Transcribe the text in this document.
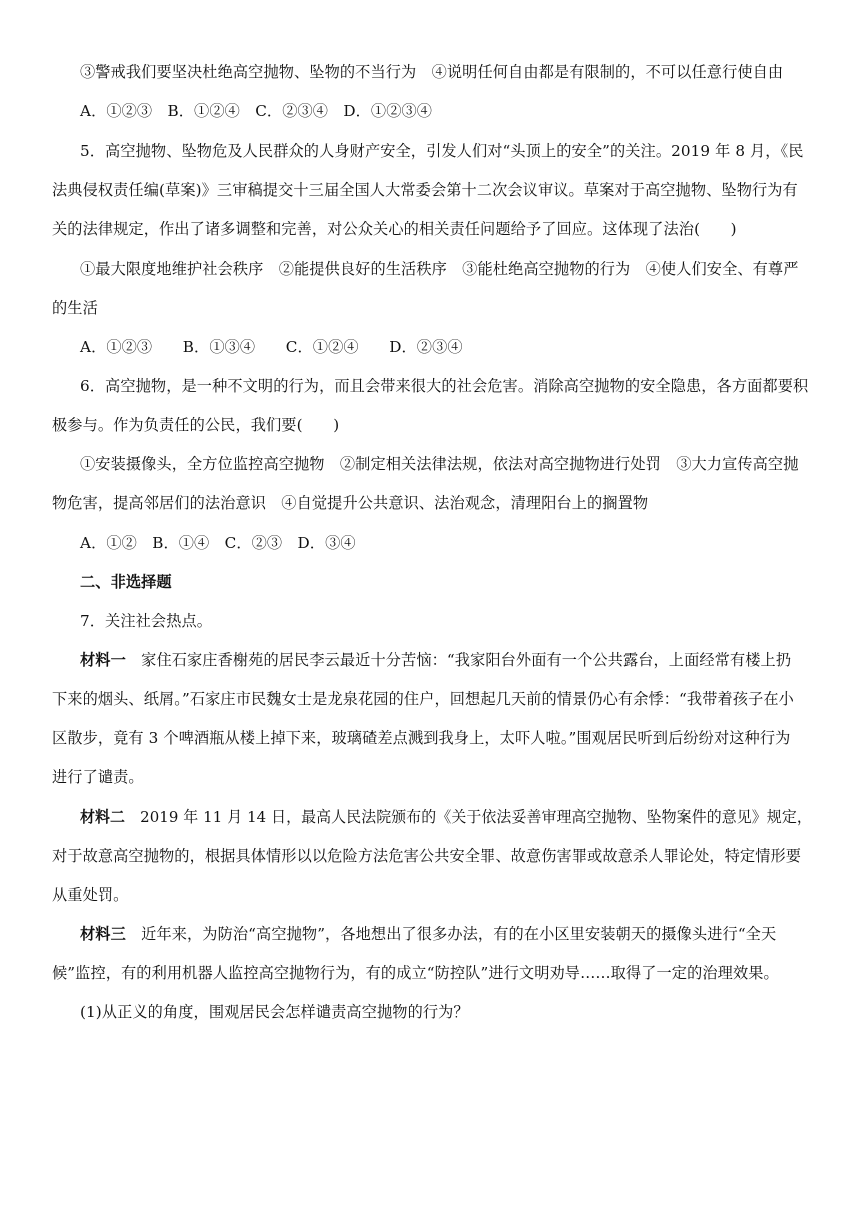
③警戒我们要坚决杜绝高空抛物、坠物的不当行为　④说明任何自由都是有限制的，不可以任意行使自由
A．①②③　B．①②④　C．②③④　D．①②③④
5．高空抛物、坠物危及人民群众的人身财产安全，引发人们对“头顶上的安全”的关注。2019 年 8 月，《民
法典侵权责任编(草案)》三审稿提交十三届全国人大常委会第十二次会议审议。草案对于高空抛物、坠物行为有
关的法律规定，作出了诸多调整和完善，对公众关心的相关责任问题给予了回应。这体现了法治(　　)
①最大限度地维护社会秩序　②能提供良好的生活秩序　③能杜绝高空抛物的行为　④使人们安全、有尊严
的生活
A．①②③　　B．①③④　　C．①②④　　D．②③④
6．高空抛物，是一种不文明的行为，而且会带来很大的社会危害。消除高空抛物的安全隐患，各方面都要积
极参与。作为负责任的公民，我们要(　　)
①安装摄像头，全方位监控高空抛物　②制定相关法律法规，依法对高空抛物进行处罚　③大力宣传高空抛
物危害，提高邻居们的法治意识　④自觉提升公共意识、法治观念，清理阳台上的搁置物
A．①②　B．①④　C．②③　D．③④
二、非选择题
7．关注社会热点。
材料一　家住石家庄香榭苑的居民李云最近十分苦恼：“我家阳台外面有一个公共露台，上面经常有楼上扔
下来的烟头、纸屑。”石家庄市民魏女士是龙泉花园的住户，回想起几天前的情景仍心有余悸：“我带着孩子在小
区散步，竟有 3 个啤酒瓶从楼上掉下来，玻璃碴差点溅到我身上，太吓人啦。”围观居民听到后纷纷对这种行为
进行了谴责。
材料二　2019 年 11 月 14 日，最高人民法院颁布的《关于依法妥善审理高空抛物、坠物案件的意见》规定，
对于故意高空抛物的，根据具体情形以以危险方法危害公共安全罪、故意伤害罪或故意杀人罪论处，特定情形要
从重处罚。
材料三　近年来，为防治“高空抛物”，各地想出了很多办法，有的在小区里安装朝天的摄像头进行“全天
候”监控，有的利用机器人监控高空抛物行为，有的成立“防控队”进行文明劝导……取得了一定的治理效果。
(1)从正义的角度，围观居民会怎样谴责高空抛物的行为？
